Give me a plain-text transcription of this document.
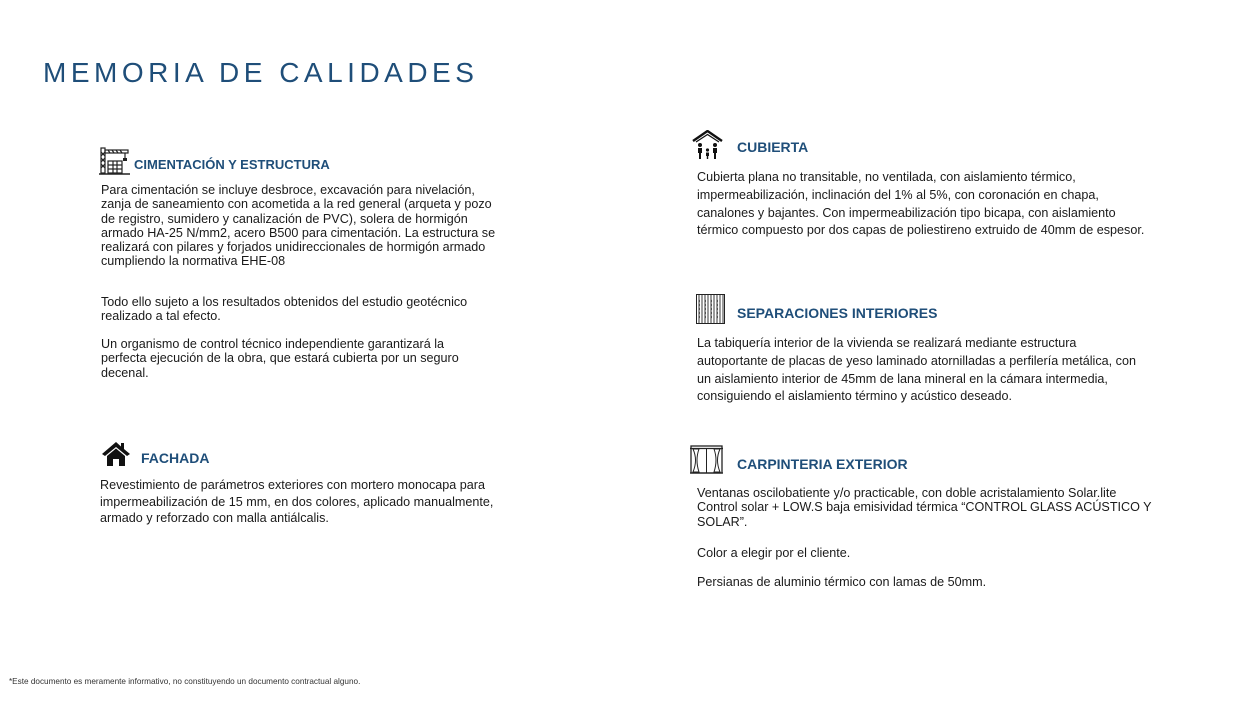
MEMORIA DE CALIDADES
CIMENTACIÓN Y ESTRUCTURA

Para cimentación se incluye desbroce, excavación para nivelación, zanja de saneamiento con acometida a la red general (arqueta y pozo de registro, sumidero y canalización de PVC), solera de hormigón armado HA-25 N/mm2, acero B500 para cimentación. La estructura se realizará con pilares y forjados unidireccionales de hormigón armado cumpliendo la normativa EHE-08

Todo ello sujeto a los resultados obtenidos del estudio geotécnico realizado a tal efecto.

Un organismo de control técnico independiente garantizará la perfecta ejecución de la obra, que estará cubierta por un seguro decenal.

FACHADA

Revestimiento de parámetros exteriores con mortero monocapa para impermeabilización de 15 mm, en dos colores, aplicado manualmente, armado y reforzado con malla antiálcalis.

CUBIERTA

Cubierta plana no transitable, no ventilada, con aislamiento térmico, impermeabilización, inclinación del 1% al 5%, con coronación en chapa, canalones y bajantes. Con impermeabilización tipo bicapa, con aislamiento térmico compuesto por dos capas de poliestireno extruido de 40mm de espesor.

SEPARACIONES INTERIORES

La tabiquería interior de la vivienda se realizará mediante estructura autoportante de placas de yeso laminado atornilladas a perfilería metálica, con un aislamiento interior de 45mm de lana mineral en la cámara intermedia, consiguiendo el aislamiento término y acústico deseado.

CARPINTERIA EXTERIOR

Ventanas oscilobatiente y/o practicable, con doble acristalamiento Solar.lite Control solar + LOW.S baja emisividad térmica “CONTROL GLASS ACÚSTICO Y SOLAR”.

Color a elegir por el cliente.

Persianas de aluminio térmico con lamas de 50mm.

*Este documento es meramente informativo, no constituyendo un documento contractual alguno.
